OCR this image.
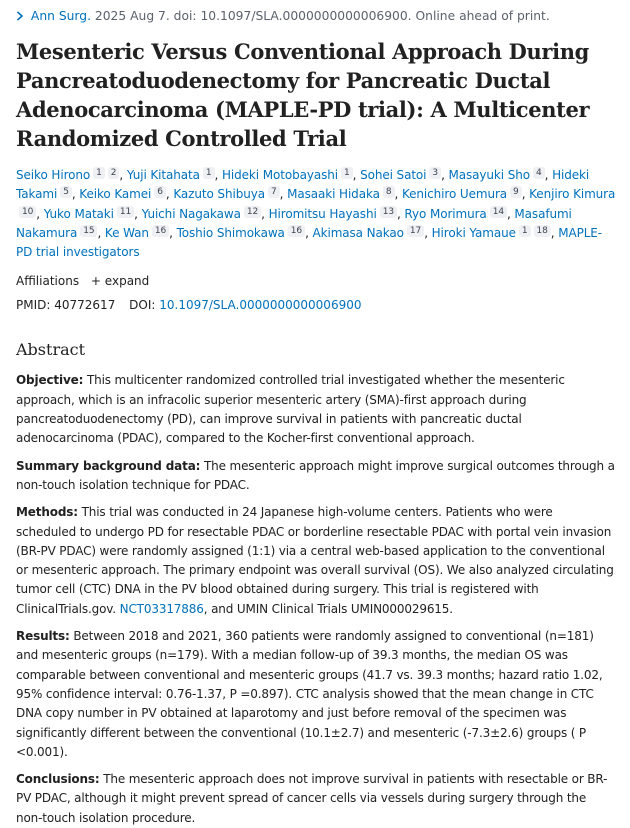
Ann Surg. 2025 Aug 7. doi: 10.1097/SLA.0000000000006900. Online ahead of print.
Mesenteric Versus Conventional Approach During Pancreatoduodenectomy for Pancreatic Ductal Adenocarcinoma (MAPLE-PD trial): A Multicenter Randomized Controlled Trial
Seiko Hirono 1 2 , Yuji Kitahata 1 , Hideki Motobayashi 1 , Sohei Satoi 3 , Masayuki Sho 4 , Hideki Takami 5 , Keiko Kamei 6 , Kazuto Shibuya 7 , Masaaki Hidaka 8 , Kenichiro Uemura 9 , Kenjiro Kimura10 , Yuko Mataki 11 , Yuichi Nagakawa 12 , Hiromitsu Hayashi 13 , Ryo Morimura 14 , Masafumi Nakamura 15 , Ke Wan 16 , Toshio Shimokawa 16 , Akimasa Nakao 17 , Hiroki Yamaue 1 18 , MAPLE-PD trial investigators
Affiliations + expand
PMID: 40772617 DOI: 10.1097/SLA.0000000000006900
Abstract

Objective: This multicenter randomized controlled trial investigated whether the mesenteric approach, which is an infracolic superior mesenteric artery (SMA)-first approach during pancreatoduodenectomy (PD), can improve survival in patients with pancreatic ductal adenocarcinoma (PDAC), compared to the Kocher-first conventional approach.

Summary background data: The mesenteric approach might improve surgical outcomes through a non-touch isolation technique for PDAC.

Methods: This trial was conducted in 24 Japanese high-volume centers. Patients who were scheduled to undergo PD for resectable PDAC or borderline resectable PDAC with portal vein invasion (BR-PV PDAC) were randomly assigned (1:1) via a central web-based application to the conventional or mesenteric approach. The primary endpoint was overall survival (OS). We also analyzed circulating tumor cell (CTC) DNA in the PV blood obtained during surgery. This trial is registered with ClinicalTrials.gov. NCT03317886, and UMIN Clinical Trials UMIN000029615.

Results: Between 2018 and 2021, 360 patients were randomly assigned to conventional (n=181) and mesenteric groups (n=179). With a median follow-up of 39.3 months, the median OS was comparable between conventional and mesenteric groups (41.7 vs. 39.3 months; hazard ratio 1.02, 95% confidence interval: 0.76-1.37, P =0.897). CTC analysis showed that the mean change in CTC DNA copy number in PV obtained at laparotomy and just before removal of the specimen was significantly different between the conventional (10.1±2.7) and mesenteric (-7.3±2.6) groups ( P <0.001).

Conclusions: The mesenteric approach does not improve survival in patients with resectable or BR-PV PDAC, although it might prevent spread of cancer cells via vessels during surgery through the non-touch isolation procedure.
